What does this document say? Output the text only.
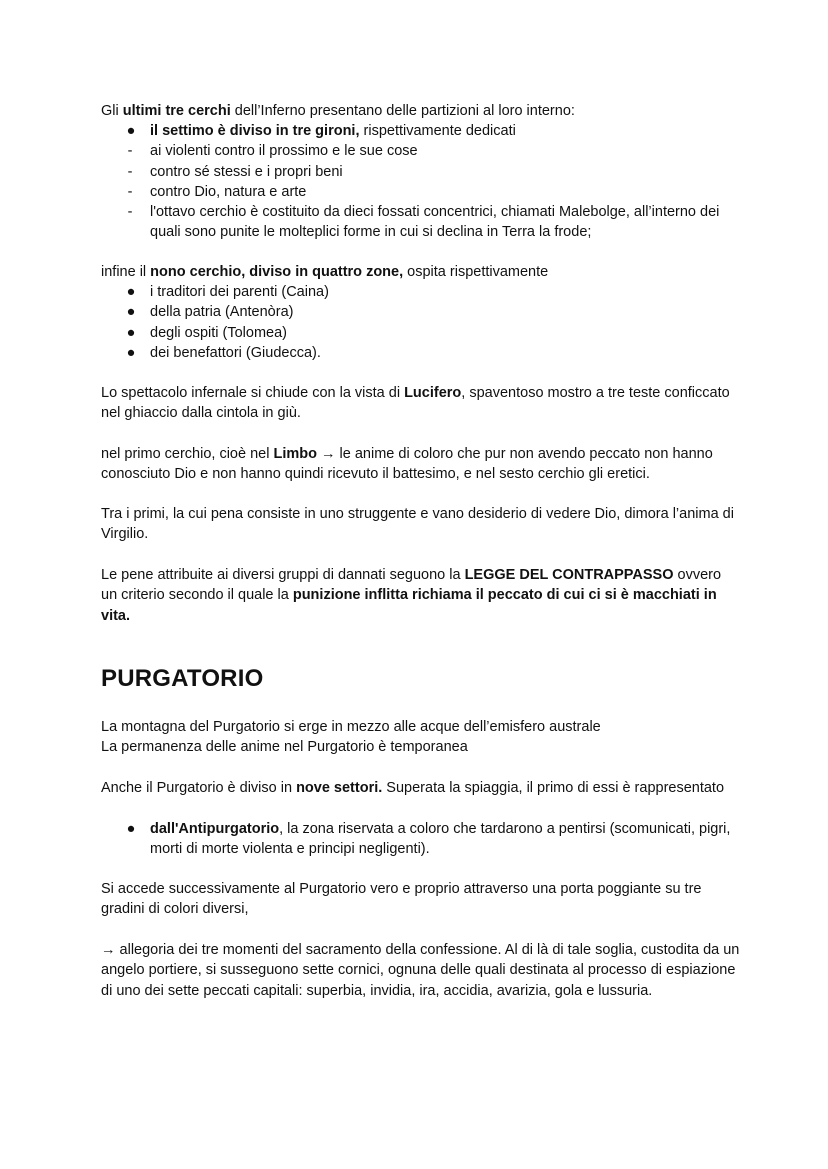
Gli ultimi tre cerchi dell’Inferno presentano delle partizioni al loro interno:

● il settimo è diviso in tre gironi, rispettivamente dedicati
-	ai violenti contro il prossimo e le sue cose
-	contro sé stessi e i propri beni
-	contro Dio, natura e arte
-	l'ottavo cerchio è costituito da dieci fossati concentrici, chiamati Malebolge, all’interno dei quali sono punite le molteplici forme in cui si declina in Terra la frode;

infine il nono cerchio, diviso in quattro zone, ospita rispettivamente

● i traditori dei parenti (Caina)
● della patria (Antenòra)
● degli ospiti (Tolomea)
● dei benefattori (Giudecca).

Lo spettacolo infernale si chiude con la vista di Lucifero, spaventoso mostro a tre teste conficcato nel ghiaccio dalla cintola in giù.

nel primo cerchio, cioè nel Limbo → le anime di coloro che pur non avendo peccato non hanno conosciuto Dio e non hanno quindi ricevuto il battesimo, e nel sesto cerchio gli eretici.

Tra i primi, la cui pena consiste in uno struggente e vano desiderio di vedere Dio, dimora l’anima di Virgilio.

Le pene attribuite ai diversi gruppi di dannati seguono la LEGGE DEL CONTRAPPASSO ovvero un criterio secondo il quale la punizione inflitta richiama il peccato di cui ci si è macchiati in vita.

PURGATORIO

La montagna del Purgatorio si erge in mezzo alle acque dell’emisfero australe
La permanenza delle anime nel Purgatorio è temporanea

Anche il Purgatorio è diviso in nove settori. Superata la spiaggia, il primo di essi è rappresentato

● dall'Antipurgatorio, la zona riservata a coloro che tardarono a pentirsi (scomunicati, pigri, morti di morte violenta e principi negligenti).

Si accede successivamente al Purgatorio vero e proprio attraverso una porta poggiante su tre gradini di colori diversi,

→ allegoria dei tre momenti del sacramento della confessione. Al di là di tale soglia, custodita da un angelo portiere, si susseguono sette cornici, ognuna delle quali destinata al processo di espiazione di uno dei sette peccati capitali: superbia, invidia, ira, accidia, avarizia, gola e lussuria.
